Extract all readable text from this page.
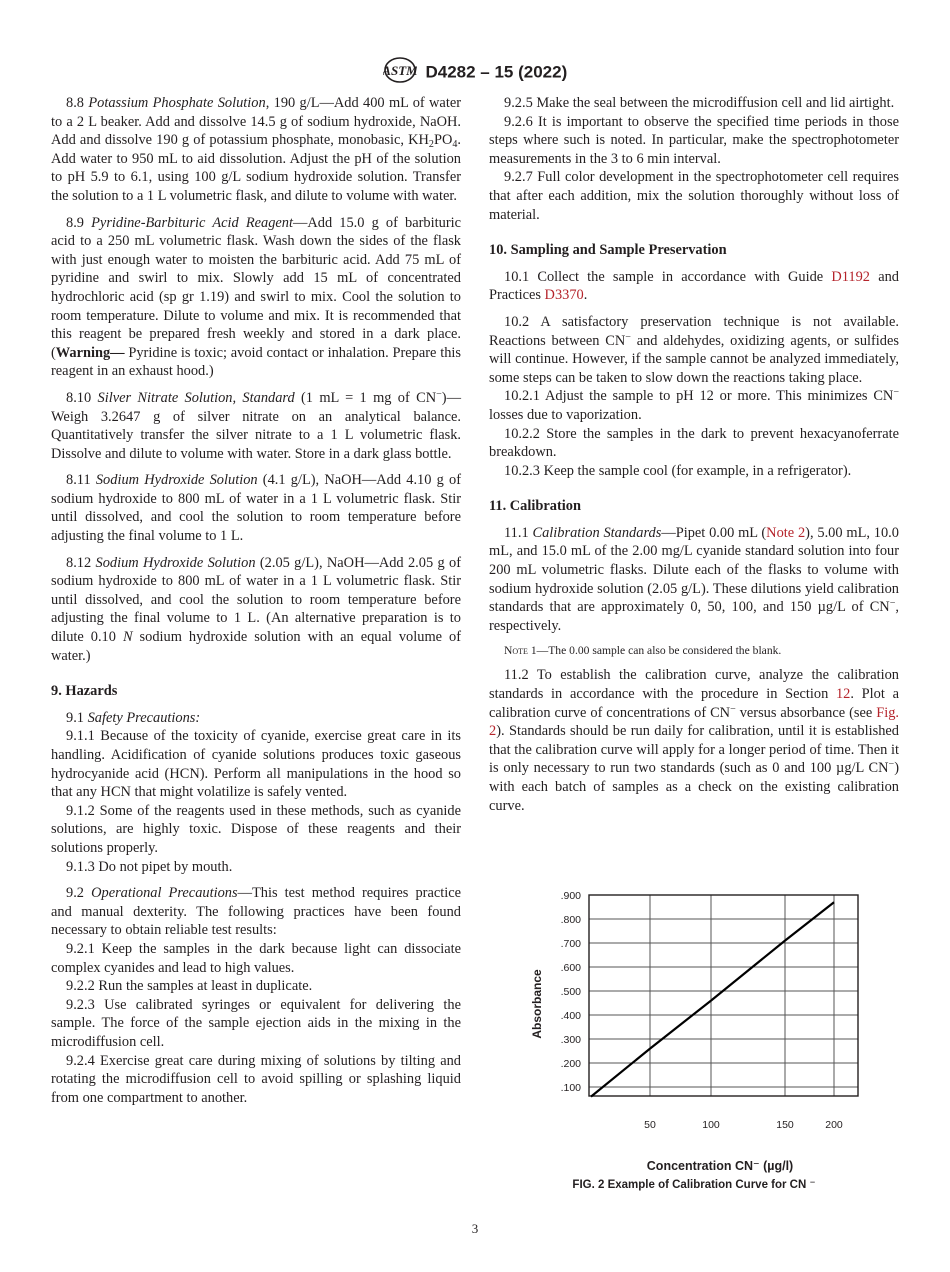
ASTM D4282 – 15 (2022)

8.8 Potassium Phosphate Solution, 190 g/L—Add 400 mL of water to a 2 L beaker. Add and dissolve 14.5 g of sodium hydroxide, NaOH. Add and dissolve 190 g of potassium phosphate, monobasic, $KH_2PO_4$. Add water to 950 mL to aid dissolution. Adjust the pH of the solution to pH 5.9 to 6.1, using 100 g/L sodium hydroxide solution. Transfer the solution to a 1 L volumetric flask, and dilute to volume with water.

8.9 Pyridine-Barbituric Acid Reagent—Add 15.0 g of barbituric acid to a 250 mL volumetric flask. Wash down the sides of the flask with just enough water to moisten the barbituric acid. Add 75 mL of pyridine and swirl to mix. Slowly add 15 mL of concentrated hydrochloric acid (sp gr 1.19) and swirl to mix. Cool the solution to room temperature. Dilute to volume and mix. It is recommended that this reagent be prepared fresh weekly and stored in a dark place. (Warning— Pyridine is toxic; avoid contact or inhalation. Prepare this reagent in an exhaust hood.)

8.10 Silver Nitrate Solution, Standard (1 mL = 1 mg of CN−)—Weigh 3.2647 g of silver nitrate on an analytical balance. Quantitatively transfer the silver nitrate to a 1 L volumetric flask. Dissolve and dilute to volume with water. Store in a dark glass bottle.

8.11 Sodium Hydroxide Solution (4.1 g/L), NaOH—Add 4.10 g of sodium hydroxide to 800 mL of water in a 1 L volumetric flask. Stir until dissolved, and cool the solution to room temperature before adjusting the final volume to 1 L.

8.12 Sodium Hydroxide Solution (2.05 g/L), NaOH—Add 2.05 g of sodium hydroxide to 800 mL of water in a 1 L volumetric flask. Stir until dissolved, and cool the solution to room temperature before adjusting the final volume to 1 L. (An alternative preparation is to dilute 0.10 N sodium hydroxide solution with an equal volume of water.)

9. Hazards

9.1 Safety Precautions:

9.1.1 Because of the toxicity of cyanide, exercise great care in its handling. Acidification of cyanide solutions produces toxic gaseous hydrocyanide acid (HCN). Perform all manipulations in the hood so that any HCN that might volatilize is safely vented.

9.1.2 Some of the reagents used in these methods, such as cyanide solutions, are highly toxic. Dispose of these reagents and their solutions properly.

9.1.3 Do not pipet by mouth.

9.2 Operational Precautions—This test method requires practice and manual dexterity. The following practices have been found necessary to obtain reliable test results:

9.2.1 Keep the samples in the dark because light can dissociate complex cyanides and lead to high values.

9.2.2 Run the samples at least in duplicate.

9.2.3 Use calibrated syringes or equivalent for delivering the sample. The force of the sample ejection aids in the mixing in the microdiffusion cell.

9.2.4 Exercise great care during mixing of solutions by tilting and rotating the microdiffusion cell to avoid spilling or splashing liquid from one compartment to another.

9.2.5 Make the seal between the microdiffusion cell and lid airtight.

9.2.6 It is important to observe the specified time periods in those steps where such is noted. In particular, make the spectrophotometer measurements in the 3 to 6 min interval.

9.2.7 Full color development in the spectrophotometer cell requires that after each addition, mix the solution thoroughly without loss of material.

10. Sampling and Sample Preservation

10.1 Collect the sample in accordance with Guide D1192 and Practices D3370.

10.2 A satisfactory preservation technique is not available. Reactions between CN− and aldehydes, oxidizing agents, or sulfides will continue. However, if the sample cannot be analyzed immediately, some steps can be taken to slow down the reactions taking place.

10.2.1 Adjust the sample to pH 12 or more. This minimizes CN− losses due to vaporization.

10.2.2 Store the samples in the dark to prevent hexacyanoferrate breakdown.

10.2.3 Keep the sample cool (for example, in a refrigerator).

11. Calibration

11.1 Calibration Standards—Pipet 0.00 mL (Note 2), 5.00 mL, 10.0 mL, and 15.0 mL of the 2.00 mg/L cyanide standard solution into four 200 mL volumetric flasks. Dilute each of the flasks to volume with sodium hydroxide solution (2.05 g/L). These dilutions yield calibration standards that are approximately 0, 50, 100, and 150 µg/L of CN−, respectively.

Note 1—The 0.00 sample can also be considered the blank.

11.2 To establish the calibration curve, analyze the calibration standards in accordance with the procedure in Section 12. Plot a calibration curve of concentrations of CN− versus absorbance (see Fig. 2). Standards should be run daily for calibration, until it is established that the calibration curve will apply for a longer period of time. Then it is only necessary to run two standards (such as 0 and 100 µg/L CN−) with each batch of samples as a check on the existing calibration curve.

.100
.200
.300
.400
.500
.600
.700
.800
.900
50	100	150	200
Absorbance
Concentration CN⁻ (µg/l)
FIG. 2 Example of Calibration Curve for CN ⁻
3
